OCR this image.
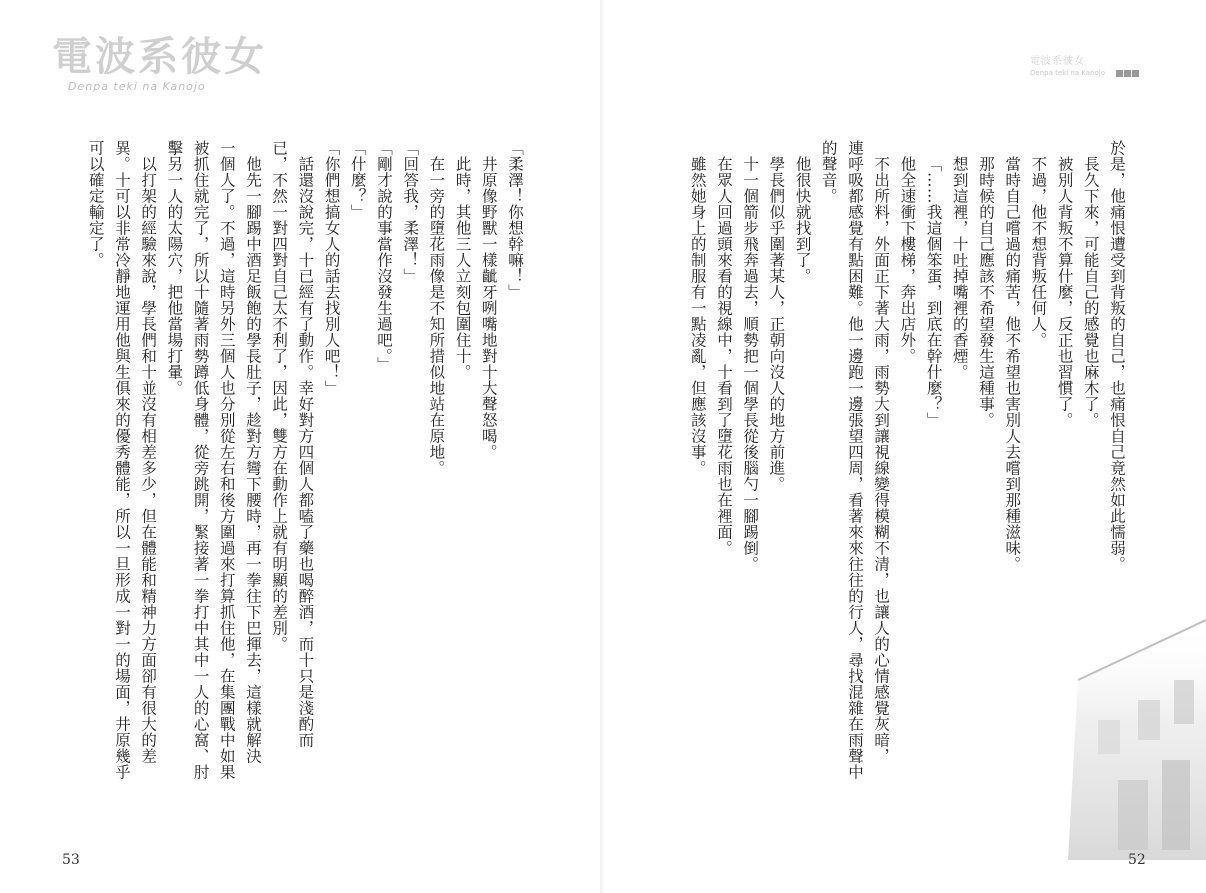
電波系彼女
Denpa teki na Kanojo
電波系彼女
Denpa teki na Kanojo

於是，他痛恨遭受到背叛的自己，也痛恨自己竟然如此懦弱。

長久下來，可能自己的感覺也麻木了。

被別人背叛不算什麼，反正也習慣了。

不過，他不想背叛任何人。

當時自己嚐過的痛苦，他不希望也害別人去嚐到那種滋味。

那時候的自己應該不希望發生這種事。

想到這裡，十吐掉嘴裡的香煙。

「……我這個笨蛋，到底在幹什麼？」

他全速衝下樓梯，奔出店外。

不出所料，外面正下著大雨，雨勢大到讓視線變得模糊不清，也讓人的心情感覺灰暗，

連呼吸都感覺有點困難。他一邊跑一邊張望四周，看著來來往往的行人，尋找混雜在雨聲中

的聲音。

他很快就找到了。

學長們似乎圍著某人，正朝向沒人的地方前進。

十一個箭步飛奔過去，順勢把一個學長從後腦勺一腳踢倒。

在眾人回過頭來看的視線中，十看到了墮花雨也在裡面。

雖然她身上的制服有一點凌亂，但應該沒事。

「柔澤！你想幹嘛！」

井原像野獸一樣齜牙咧嘴地對十大聲怒喝。

此時，其他三人立刻包圍住十。

在一旁的墮花雨像是不知所措似地站在原地。

「回答我，柔澤！」

「剛才說的事當作沒發生過吧。」

「什麼？」

「你們想搞女人的話去找別人吧！」

話還沒說完，十已經有了動作。幸好對方四個人都嗑了藥也喝醉酒，而十只是淺酌而

已，不然一對四對自己太不利了，因此，雙方在動作上就有明顯的差別。

他先一腳踢中酒足飯飽的學長肚子，趁對方彎下腰時，再一拳往下巴揮去，這樣就解決

一個人了。不過，這時另外三個人也分別從左右和後方圍過來打算抓住他，在集團戰中如果

被抓住就完了，所以十隨著雨勢蹲低身體，從旁跳開，緊接著一拳打中其中一人的心窩、肘

擊另一人的太陽穴，把他當場打暈。

以打架的經驗來說，學長們和十並沒有相差多少，但在體能和精神力方面卻有很大的差

異。十可以非常冷靜地運用他與生俱來的優秀體能，所以一旦形成一對一的場面，井原幾乎

可以確定輸定了。

52
53
